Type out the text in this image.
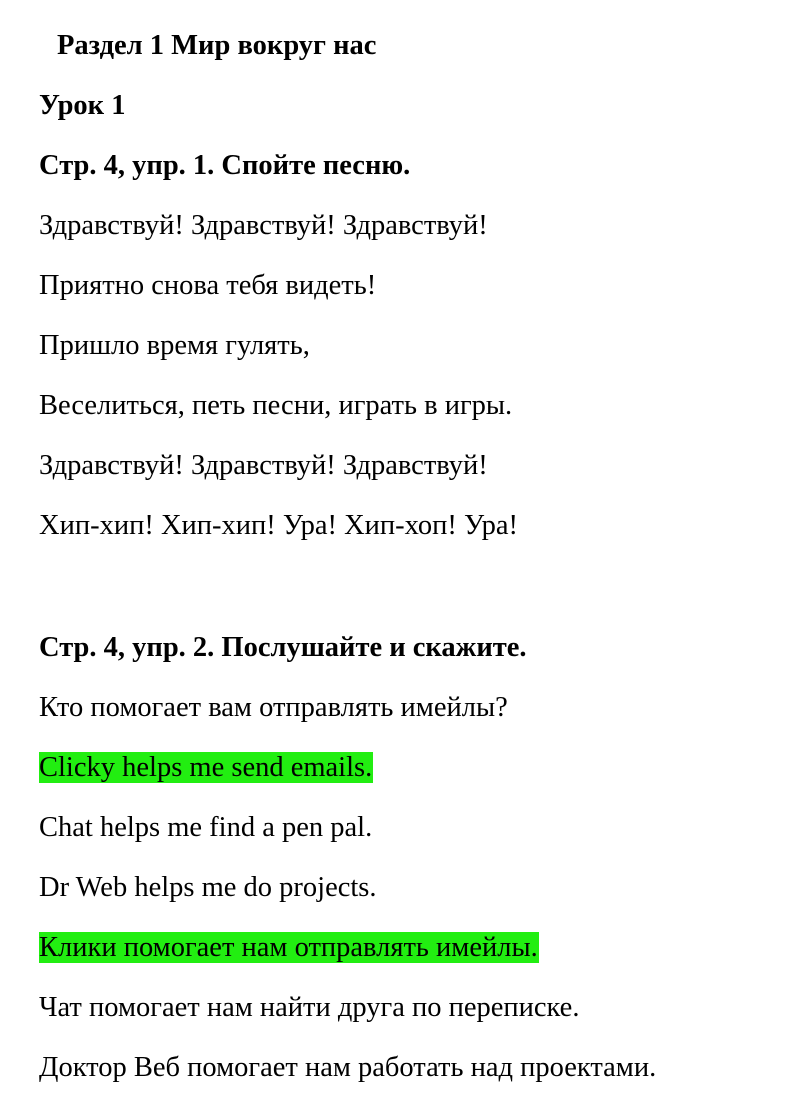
Раздел 1 Мир вокруг нас
Урок 1
Стр. 4, упр. 1. Спойте песню.
Здравствуй! Здравствуй! Здравствуй!
Приятно снова тебя видеть!
Пришло время гулять,
Веселиться, петь песни, играть в игры.
Здравствуй! Здравствуй! Здравствуй!
Хип-хип! Хип-хип! Ура! Хип-хоп! Ура!
Стр. 4, упр. 2. Послушайте и скажите.
Кто помогает вам отправлять имейлы?
Clicky helps me send emails.
Chat helps me find a pen pal.
Dr Web helps me do projects.
Клики помогает нам отправлять имейлы.
Чат помогает нам найти друга по переписке.
Доктор Веб помогает нам работать над проектами.
